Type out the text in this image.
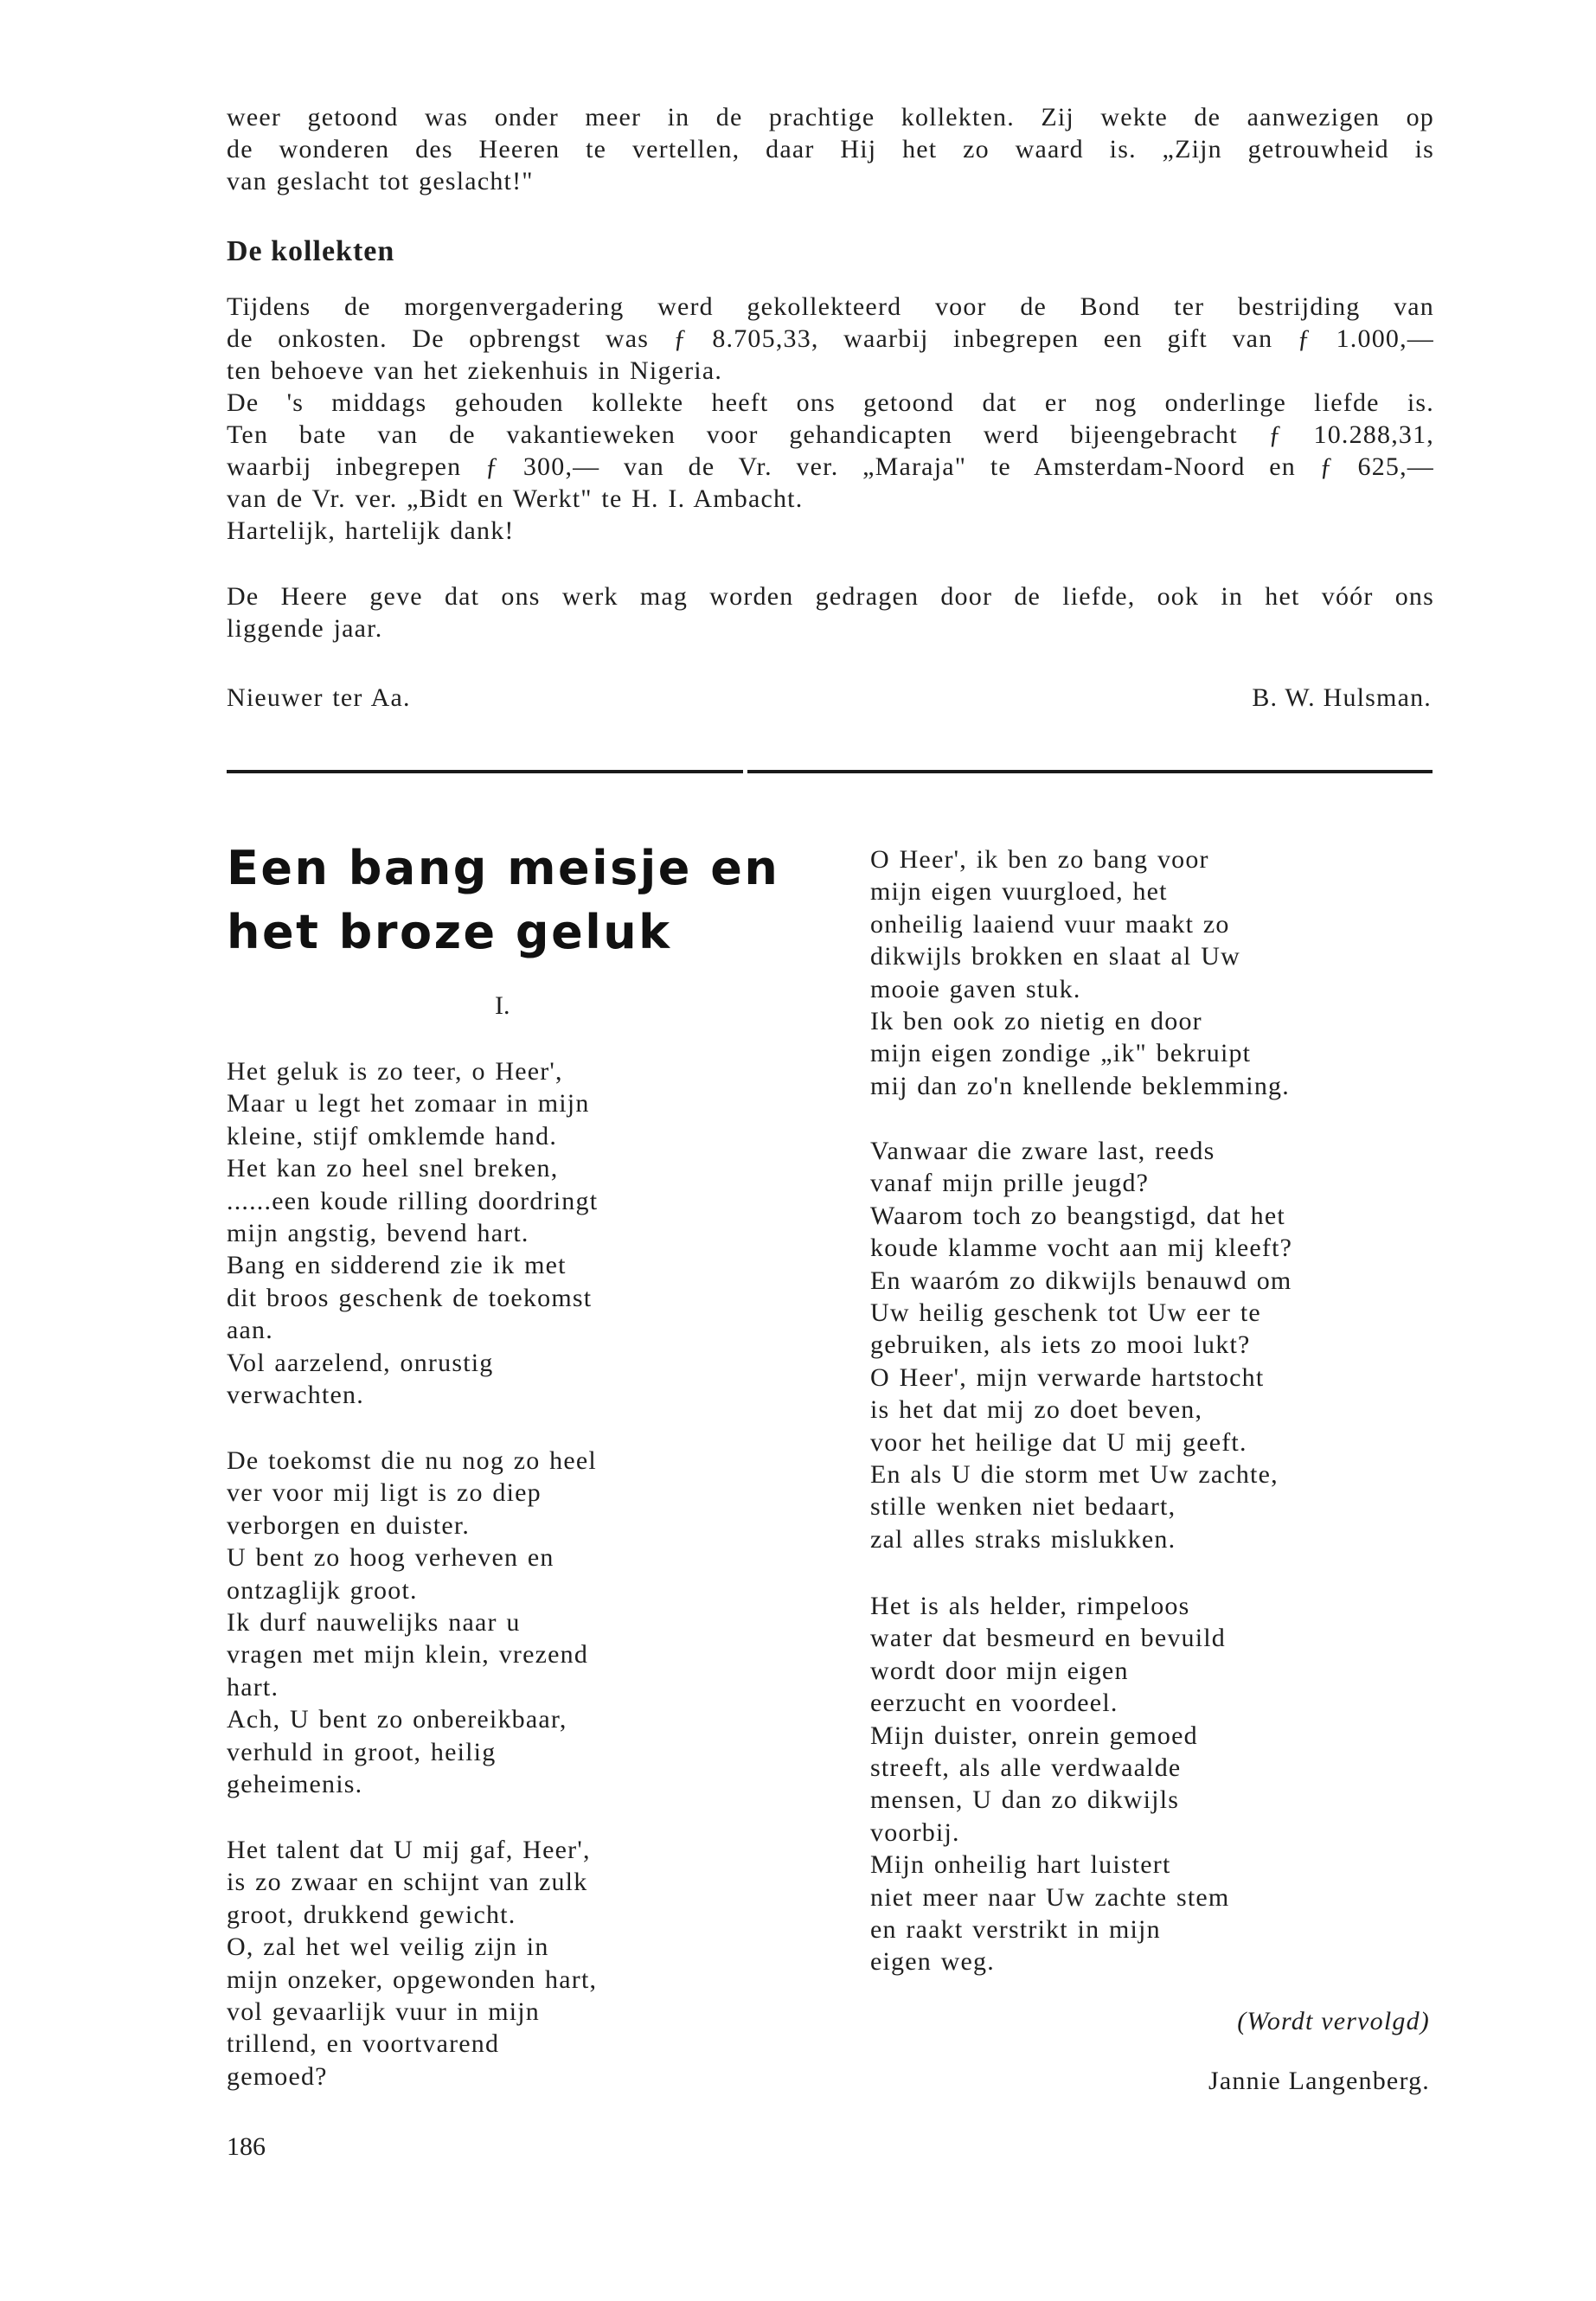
weer getoond was onder meer in de prachtige kollekten. Zij wekte de aanwezigen op
de wonderen des Heeren te vertellen, daar Hij het zo waard is. „Zijn getrouwheid is
van geslacht tot geslacht!"
De kollekten
Tijdens de morgenvergadering werd gekollekteerd voor de Bond ter bestrijding van
de onkosten. De opbrengst was ƒ 8.705,33, waarbij inbegrepen een gift van ƒ 1.000,—
ten behoeve van het ziekenhuis in Nigeria.
De 's middags gehouden kollekte heeft ons getoond dat er nog onderlinge liefde is.
Ten bate van de vakantieweken voor gehandicapten werd bijeengebracht ƒ 10.288,31,
waarbij inbegrepen ƒ 300,— van de Vr. ver. „Maraja" te Amsterdam-Noord en ƒ 625,—
van de Vr. ver. „Bidt en Werkt" te H. I. Ambacht.
Hartelijk, hartelijk dank!
De Heere geve dat ons werk mag worden gedragen door de liefde, ook in het vóór ons
liggende jaar.
Nieuwer ter Aa.	B. W. Hulsman.
Een bang meisje en
het broze geluk
I.
Het geluk is zo teer, o Heer',
Maar u legt het zomaar in mijn
kleine, stijf omklemde hand.
Het kan zo heel snel breken,
......een koude rilling doordringt
mijn angstig, bevend hart.
Bang en sidderend zie ik met
dit broos geschenk de toekomst
aan.
Vol aarzelend, onrustig
verwachten.
De toekomst die nu nog zo heel
ver voor mij ligt is zo diep
verborgen en duister.
U bent zo hoog verheven en
ontzaglijk groot.
Ik durf nauwelijks naar u
vragen met mijn klein, vrezend
hart.
Ach, U bent zo onbereikbaar,
verhuld in groot, heilig
geheimenis.
Het talent dat U mij gaf, Heer',
is zo zwaar en schijnt van zulk
groot, drukkend gewicht.
O, zal het wel veilig zijn in
mijn onzeker, opgewonden hart,
vol gevaarlijk vuur in mijn
trillend, en voortvarend
gemoed?
O Heer', ik ben zo bang voor
mijn eigen vuurgloed, het
onheilig laaiend vuur maakt zo
dikwijls brokken en slaat al Uw
mooie gaven stuk.
Ik ben ook zo nietig en door
mijn eigen zondige „ik" bekruipt
mij dan zo'n knellende beklemming.
Vanwaar die zware last, reeds
vanaf mijn prille jeugd?
Waarom toch zo beangstigd, dat het
koude klamme vocht aan mij kleeft?
En waaróm zo dikwijls benauwd om
Uw heilig geschenk tot Uw eer te
gebruiken, als iets zo mooi lukt?
O Heer', mijn verwarde hartstocht
is het dat mij zo doet beven,
voor het heilige dat U mij geeft.
En als U die storm met Uw zachte,
stille wenken niet bedaart,
zal alles straks mislukken.
Het is als helder, rimpeloos
water dat besmeurd en bevuild
wordt door mijn eigen
eerzucht en voordeel.
Mijn duister, onrein gemoed
streeft, als alle verdwaalde
mensen, U dan zo dikwijls
voorbij.
Mijn onheilig hart luistert
niet meer naar Uw zachte stem
en raakt verstrikt in mijn
eigen weg.
(Wordt vervolgd)
Jannie Langenberg.
186
